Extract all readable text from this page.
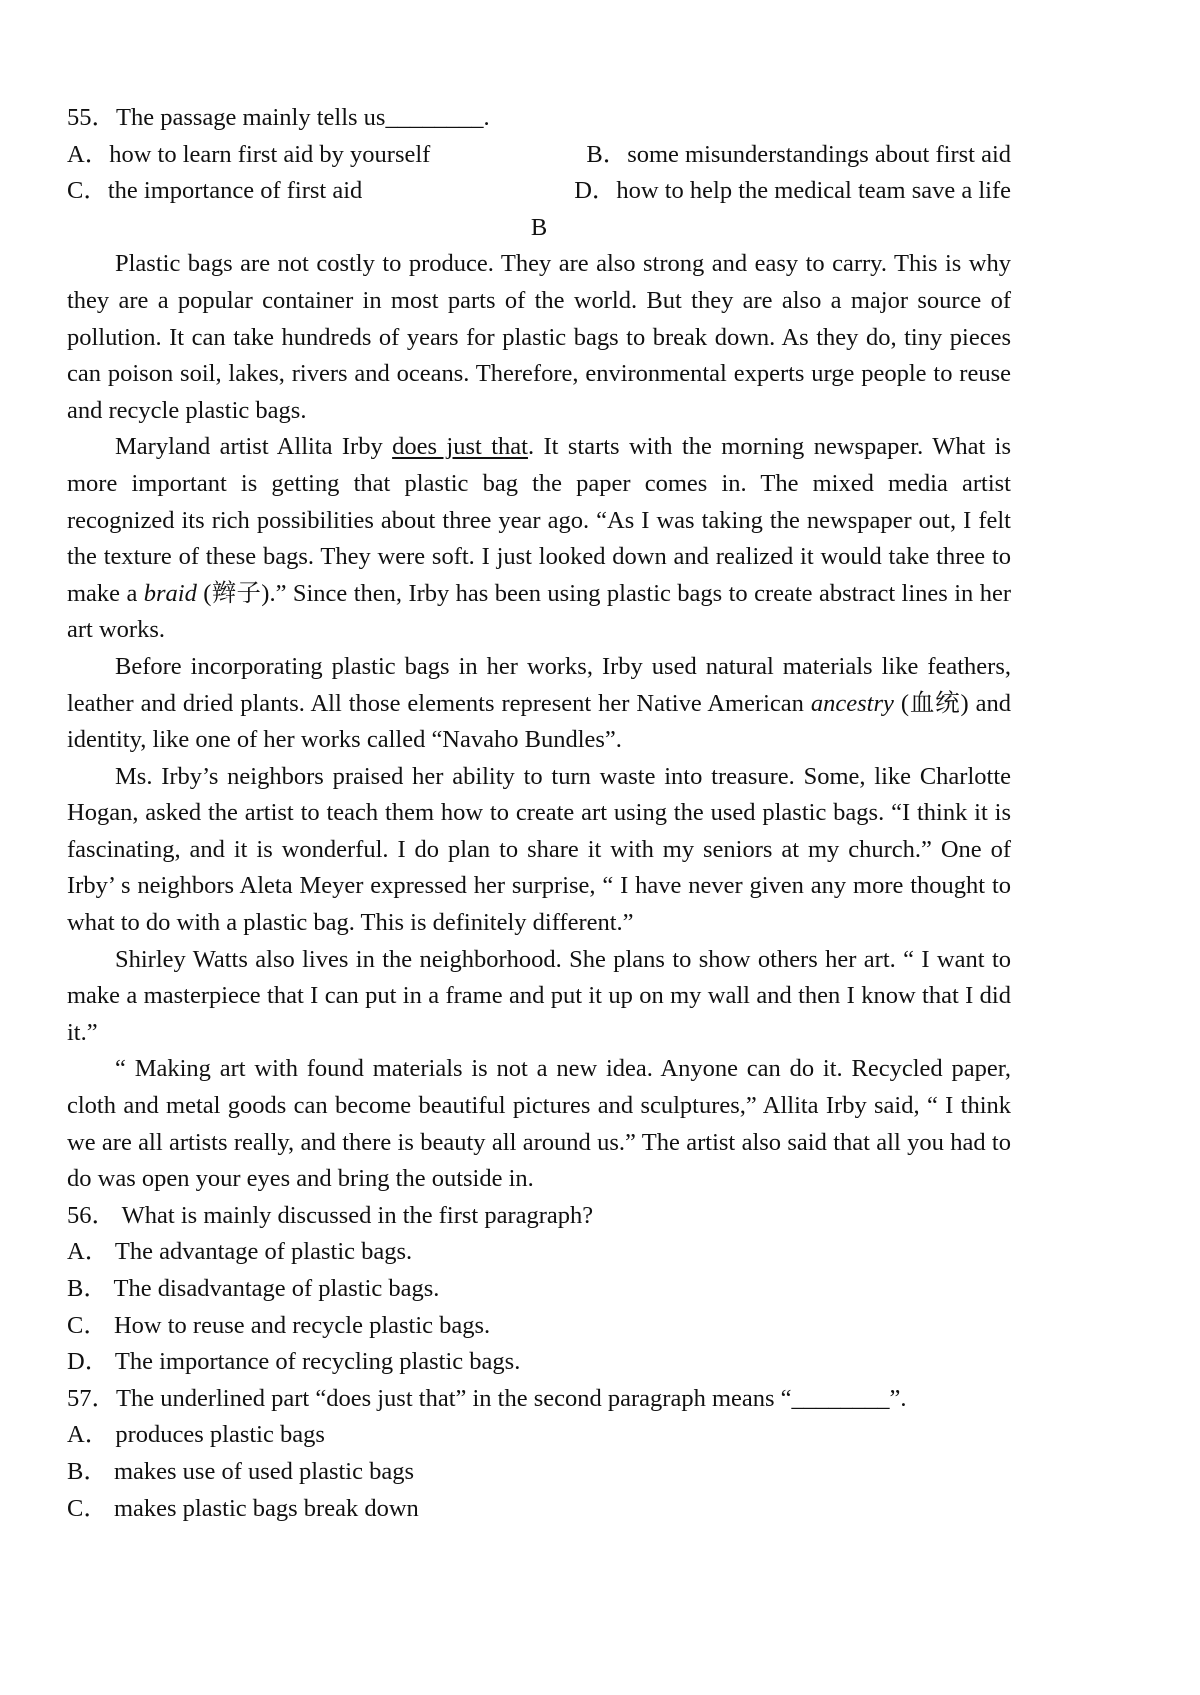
55．The passage mainly tells us________.
A．how to learn first aid by yourself	B．some misunderstandings about first aid
C．the importance of first aid	D．how to help the medical team save a life
B

Plastic bags are not costly to produce. They are also strong and easy to carry. This is why they are a popular container in most parts of the world. But they are also a major source of pollution. It can take hundreds of years for plastic bags to break down. As they do, tiny pieces can poison soil, lakes, rivers and oceans. Therefore, environmental experts urge people to reuse and recycle plastic bags.

Maryland artist Allita Irby does just that. It starts with the morning newspaper. What is more important is getting that plastic bag the paper comes in. The mixed media artist recognized its rich possibilities about three year ago. “As I was taking the newspaper out, I felt the texture of these bags. They were soft. I just looked down and realized it would take three to make a braid (辫子).” Since then, Irby has been using plastic bags to create abstract lines in her art works.

Before incorporating plastic bags in her works, Irby used natural materials like feathers, leather and dried plants. All those elements represent her Native American ancestry (血统) and identity, like one of her works called “Navaho Bundles”.

Ms. Irby’s neighbors praised her ability to turn waste into treasure. Some, like Charlotte Hogan, asked the artist to teach them how to create art using the used plastic bags. “I think it is fascinating, and it is wonderful. I do plan to share it with my seniors at my church.” One of Irby’ s neighbors Aleta Meyer expressed her surprise, “ I have never given any more thought to what to do with a plastic bag. This is definitely different.”

Shirley Watts also lives in the neighborhood. She plans to show others her art. “ I want to make a masterpiece that I can put in a frame and put it up on my wall and then I know that I did it.”

“ Making art with found materials is not a new idea. Anyone can do it. Recycled paper, cloth and metal goods can become beautiful pictures and sculptures,” Allita Irby said, “ I think we are all artists really, and there is beauty all around us.” The artist also said that all you had to do was open your eyes and bring the outside in.

56． What is mainly discussed in the first paragraph?
A． The advantage of plastic bags.
B． The disadvantage of plastic bags.
C． How to reuse and recycle plastic bags.
D． The importance of recycling plastic bags.
57．The underlined part “does just that” in the second paragraph means “________”.
A． produces plastic bags
B． makes use of used plastic bags
C． makes plastic bags break down
